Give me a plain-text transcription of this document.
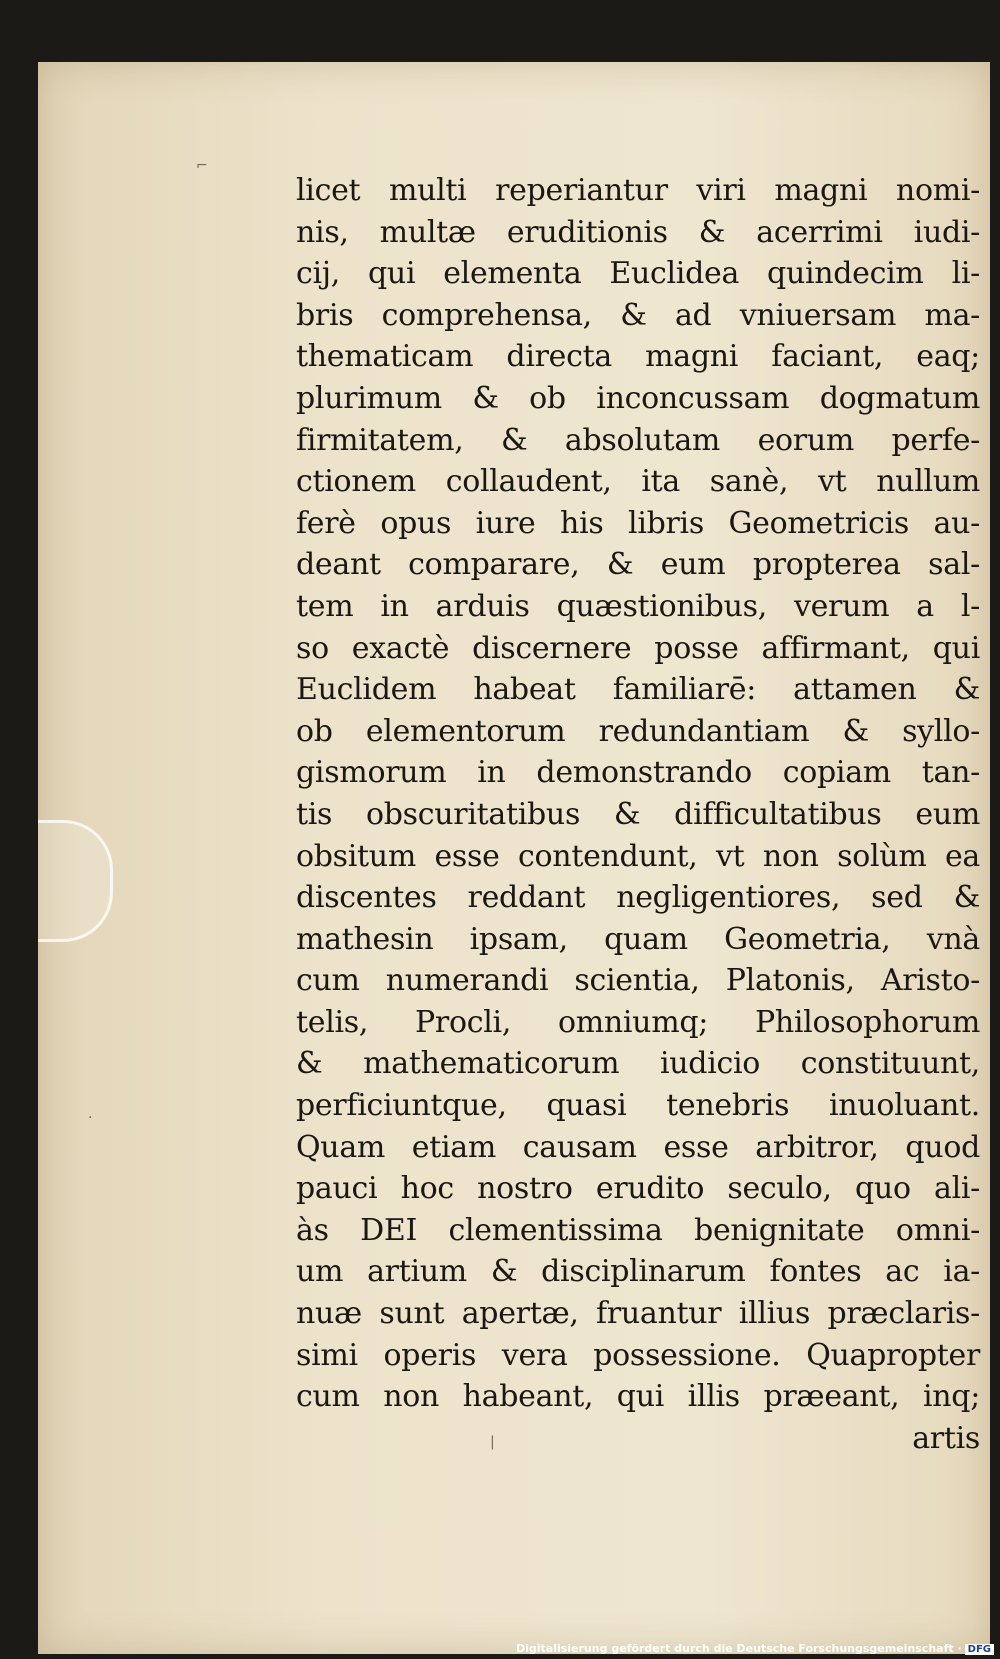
⌐
·
|
licet multi reperiantur viri magni nomi-
nis, multæ eruditionis & acerrimi iudi-
cij, qui elementa Euclidea quindecim li-
bris comprehensa, & ad vniuersam ma-
thematicam directa magni faciant, eaq;
plurimum & ob inconcussam dogmatum
firmitatem, & absolutam eorum perfe-
ctionem collaudent, ita sanè, vt nullum
ferè opus iure his libris Geometricis au-
deant comparare, & eum propterea sal-
tem in arduis quæstionibus, verum a l-
so exactè discernere posse affirmant, qui
Euclidem habeat familiarē: attamen &
ob elementorum redundantiam & syllo-
gismorum in demonstrando copiam tan-
tis obscuritatibus & difficultatibus eum
obsitum esse contendunt, vt non solùm ea
discentes reddant negligentiores, sed &
mathesin ipsam, quam Geometria, vnà
cum numerandi scientia, Platonis, Aristo-
telis, Procli, omniumq; Philosophorum
& mathematicorum iudicio constituunt,
perficiuntque, quasi tenebris inuoluant.
Quam etiam causam esse arbitror, quod
pauci hoc nostro erudito seculo, quo ali-
às DEI clementissima benignitate omni-
um artium & disciplinarum fontes ac ia-
nuæ sunt apertæ, fruantur illius præclaris-
simi operis vera possessione. Quapropter
cum non habeant, qui illis præeant, inq;
artis
Digitalisierung gefördert durch die Deutsche Forschungsgemeinschaft · DFG
